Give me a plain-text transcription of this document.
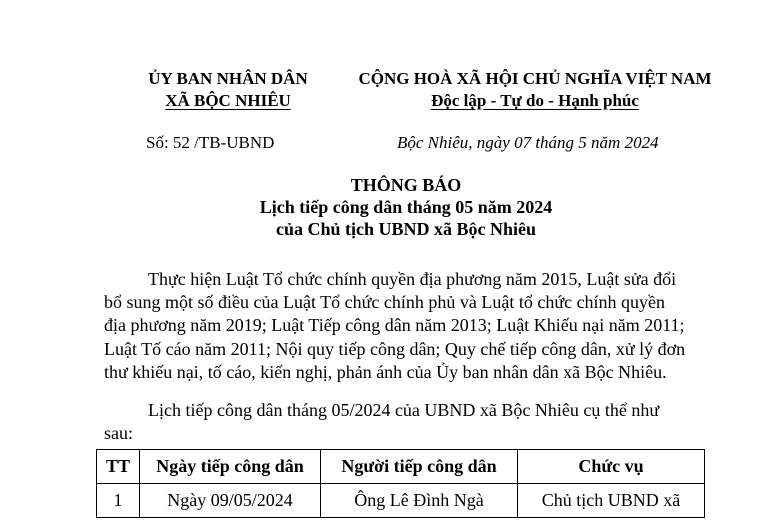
ỦY BAN NHÂN DÂN
XÃ BỘC NHIÊU
CỘNG HOÀ XÃ HỘI CHỦ NGHĨA VIỆT NAM
Độc lập - Tự do - Hạnh phúc
Số: 52 /TB-UBND	Bộc Nhiêu, ngày 07 tháng 5 năm 2024
THÔNG BÁO
Lịch tiếp công dân tháng 05 năm 2024
của Chủ tịch UBND xã Bộc Nhiêu
Thực hiện Luật Tổ chức chính quyền địa phương năm 2015, Luật sửa đổi
bổ sung một số điều của Luật Tổ chức chính phủ và Luật tổ chức chính quyền
địa phương năm 2019; Luật Tiếp công dân năm 2013; Luật Khiếu nại năm 2011;
Luật Tố cáo năm 2011; Nội quy tiếp công dân; Quy chế tiếp công dân, xử lý đơn
thư khiếu nại, tố cáo, kiến nghị, phản ánh của Ủy ban nhân dân xã Bộc Nhiêu.
Lịch tiếp công dân tháng 05/2024 của UBND xã Bộc Nhiêu cụ thể như
sau:
TT	Ngày tiếp công dân	Người tiếp công dân	Chức vụ
1	Ngày 09/05/2024	Ông Lê Đình Ngà	Chủ tịch UBND xã
